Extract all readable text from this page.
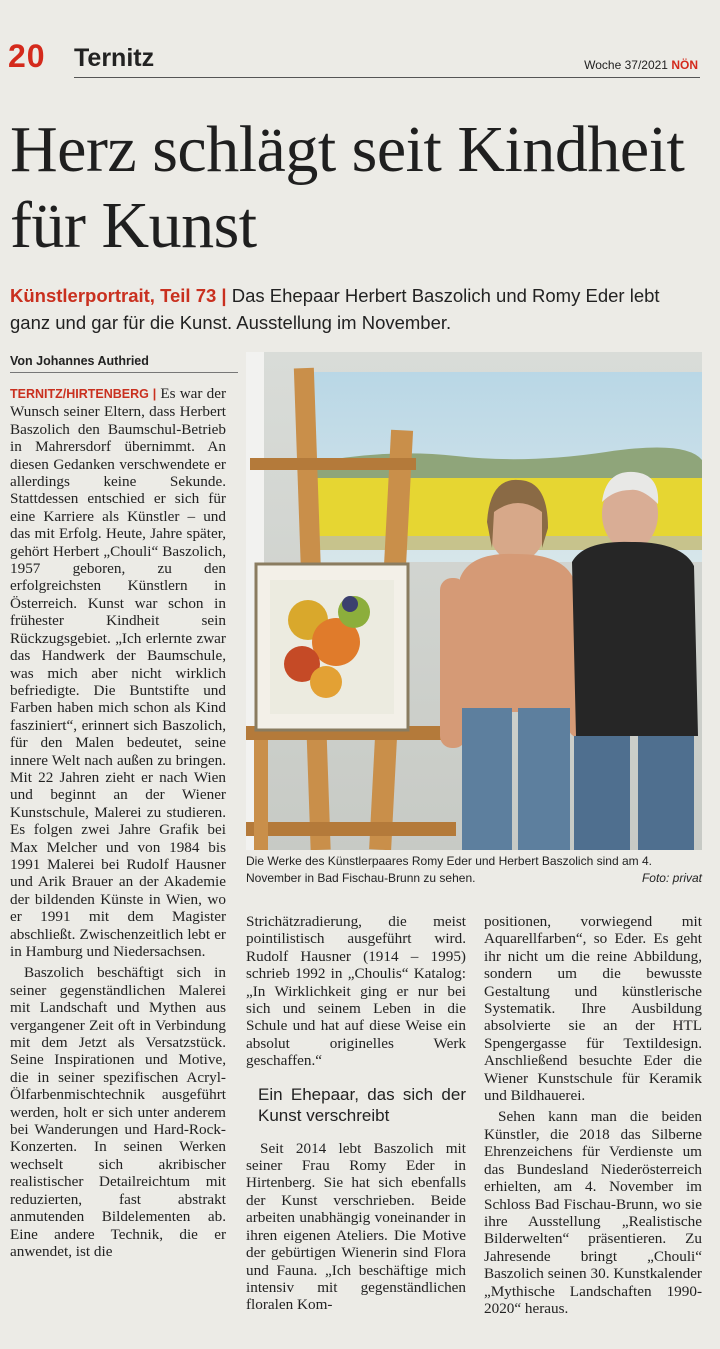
20 Ternitz	Woche 37/2021 NÖN
Herz schlägt seit Kindheit für Kunst
Künstlerportrait, Teil 73 | Das Ehepaar Herbert Baszolich und Romy Eder lebt ganz und gar für die Kunst. Ausstellung im November.
Von Johannes Authried

TERNITZ/HIRTENBERG | Es war der Wunsch seiner Eltern, dass Herbert Baszolich den Baumschul-Betrieb in Mahrersdorf übernimmt. An diesen Gedanken verschwendete er allerdings keine Sekunde. Stattdessen entschied er sich für eine Karriere als Künstler – und das mit Erfolg. Heute, Jahre später, gehört Herbert „Chouli“ Baszolich, 1957 geboren, zu den erfolgreichsten Künstlern in Österreich. Kunst war schon in frühester Kindheit sein Rückzugsgebiet. „Ich erlernte zwar das Handwerk der Baumschule, was mich aber nicht wirklich befriedigte. Die Buntstifte und Farben haben mich schon als Kind fasziniert“, erinnert sich Baszolich, für den Malen bedeutet, seine innere Welt nach außen zu bringen. Mit 22 Jahren zieht er nach Wien und beginnt an der Wiener Kunstschule, Malerei zu studieren. Es folgen zwei Jahre Grafik bei Max Melcher und von 1984 bis 1991 Malerei bei Rudolf Hausner und Arik Brauer an der Akademie der bildenden Künste in Wien, wo er 1991 mit dem Magister abschließt. Zwischenzeitlich lebt er in Hamburg und Niedersachsen.

Baszolich beschäftigt sich in seiner gegenständlichen Malerei mit Landschaft und Mythen aus vergangener Zeit oft in Verbindung mit dem Jetzt als Versatzstück. Seine Inspirationen und Motive, die in seiner spezifischen Acryl-Ölfarbenmischtechnik ausgeführt werden, holt er sich unter anderem bei Wanderungen und Hard-Rock-Konzerten. In seinen Werken wechselt sich akribischer realistischer Detailreichtum mit reduzierten, fast abstrakt anmutenden Bildelementen ab. Eine andere Technik, die er anwendet, ist die

Die Werke des Künstlerpaares Romy Eder und Herbert Baszolich sind am 4. November in Bad Fischau-Brunn zu sehen.	Foto: privat

Strichätzradierung, die meist pointilistisch ausgeführt wird. Rudolf Hausner (1914 – 1995) schrieb 1992 in „Choulis“ Katalog: „In Wirklichkeit ging er nur bei sich und seinem Leben in die Schule und hat auf diese Weise ein absolut originelles Werk geschaffen.“

Ein Ehepaar, das sich der Kunst verschreibt

Seit 2014 lebt Baszolich mit seiner Frau Romy Eder in Hirtenberg. Sie hat sich ebenfalls der Kunst verschrieben. Beide arbeiten unabhängig voneinander in ihren eigenen Ateliers. Die Motive der gebürtigen Wienerin sind Flora und Fauna. „Ich beschäftige mich intensiv mit gegenständlichen floralen Kom-

positionen, vorwiegend mit Aquarellfarben“, so Eder. Es geht ihr nicht um die reine Abbildung, sondern um die bewusste Gestaltung und künstlerische Systematik. Ihre Ausbildung absolvierte sie an der HTL Spengergasse für Textildesign. Anschließend besuchte Eder die Wiener Kunstschule für Keramik und Bildhauerei.

Sehen kann man die beiden Künstler, die 2018 das Silberne Ehrenzeichens für Verdienste um das Bundesland Niederösterreich erhielten, am 4. November im Schloss Bad Fischau-Brunn, wo sie ihre Ausstellung „Realistische Bilderwelten“ präsentieren. Zu Jahresende bringt „Chouli“ Baszolich seinen 30. Kunstkalender „Mythische Landschaften 1990-2020“ heraus.
